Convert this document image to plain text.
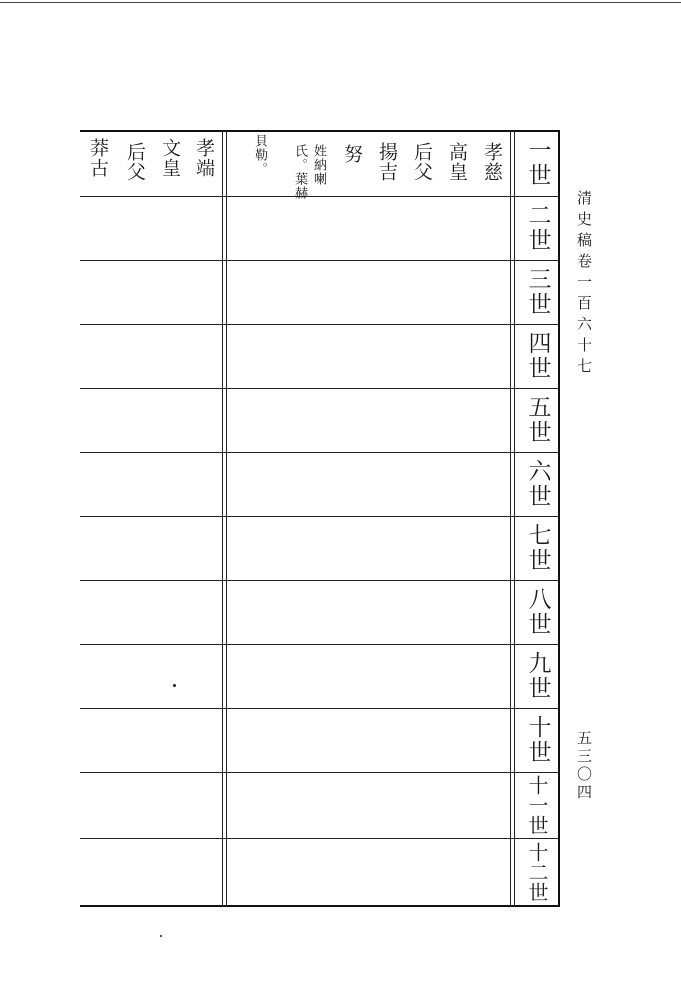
清史稿卷一百六十七
五三〇四
一世
二世
三世
四世
五世
六世
七世
八世
九世
十世
十一世
十二世
孝慈
高皇
后父
揚吉
努
姓納喇
氏。葉赫
貝勒。
孝端
文皇
后父
莽古
